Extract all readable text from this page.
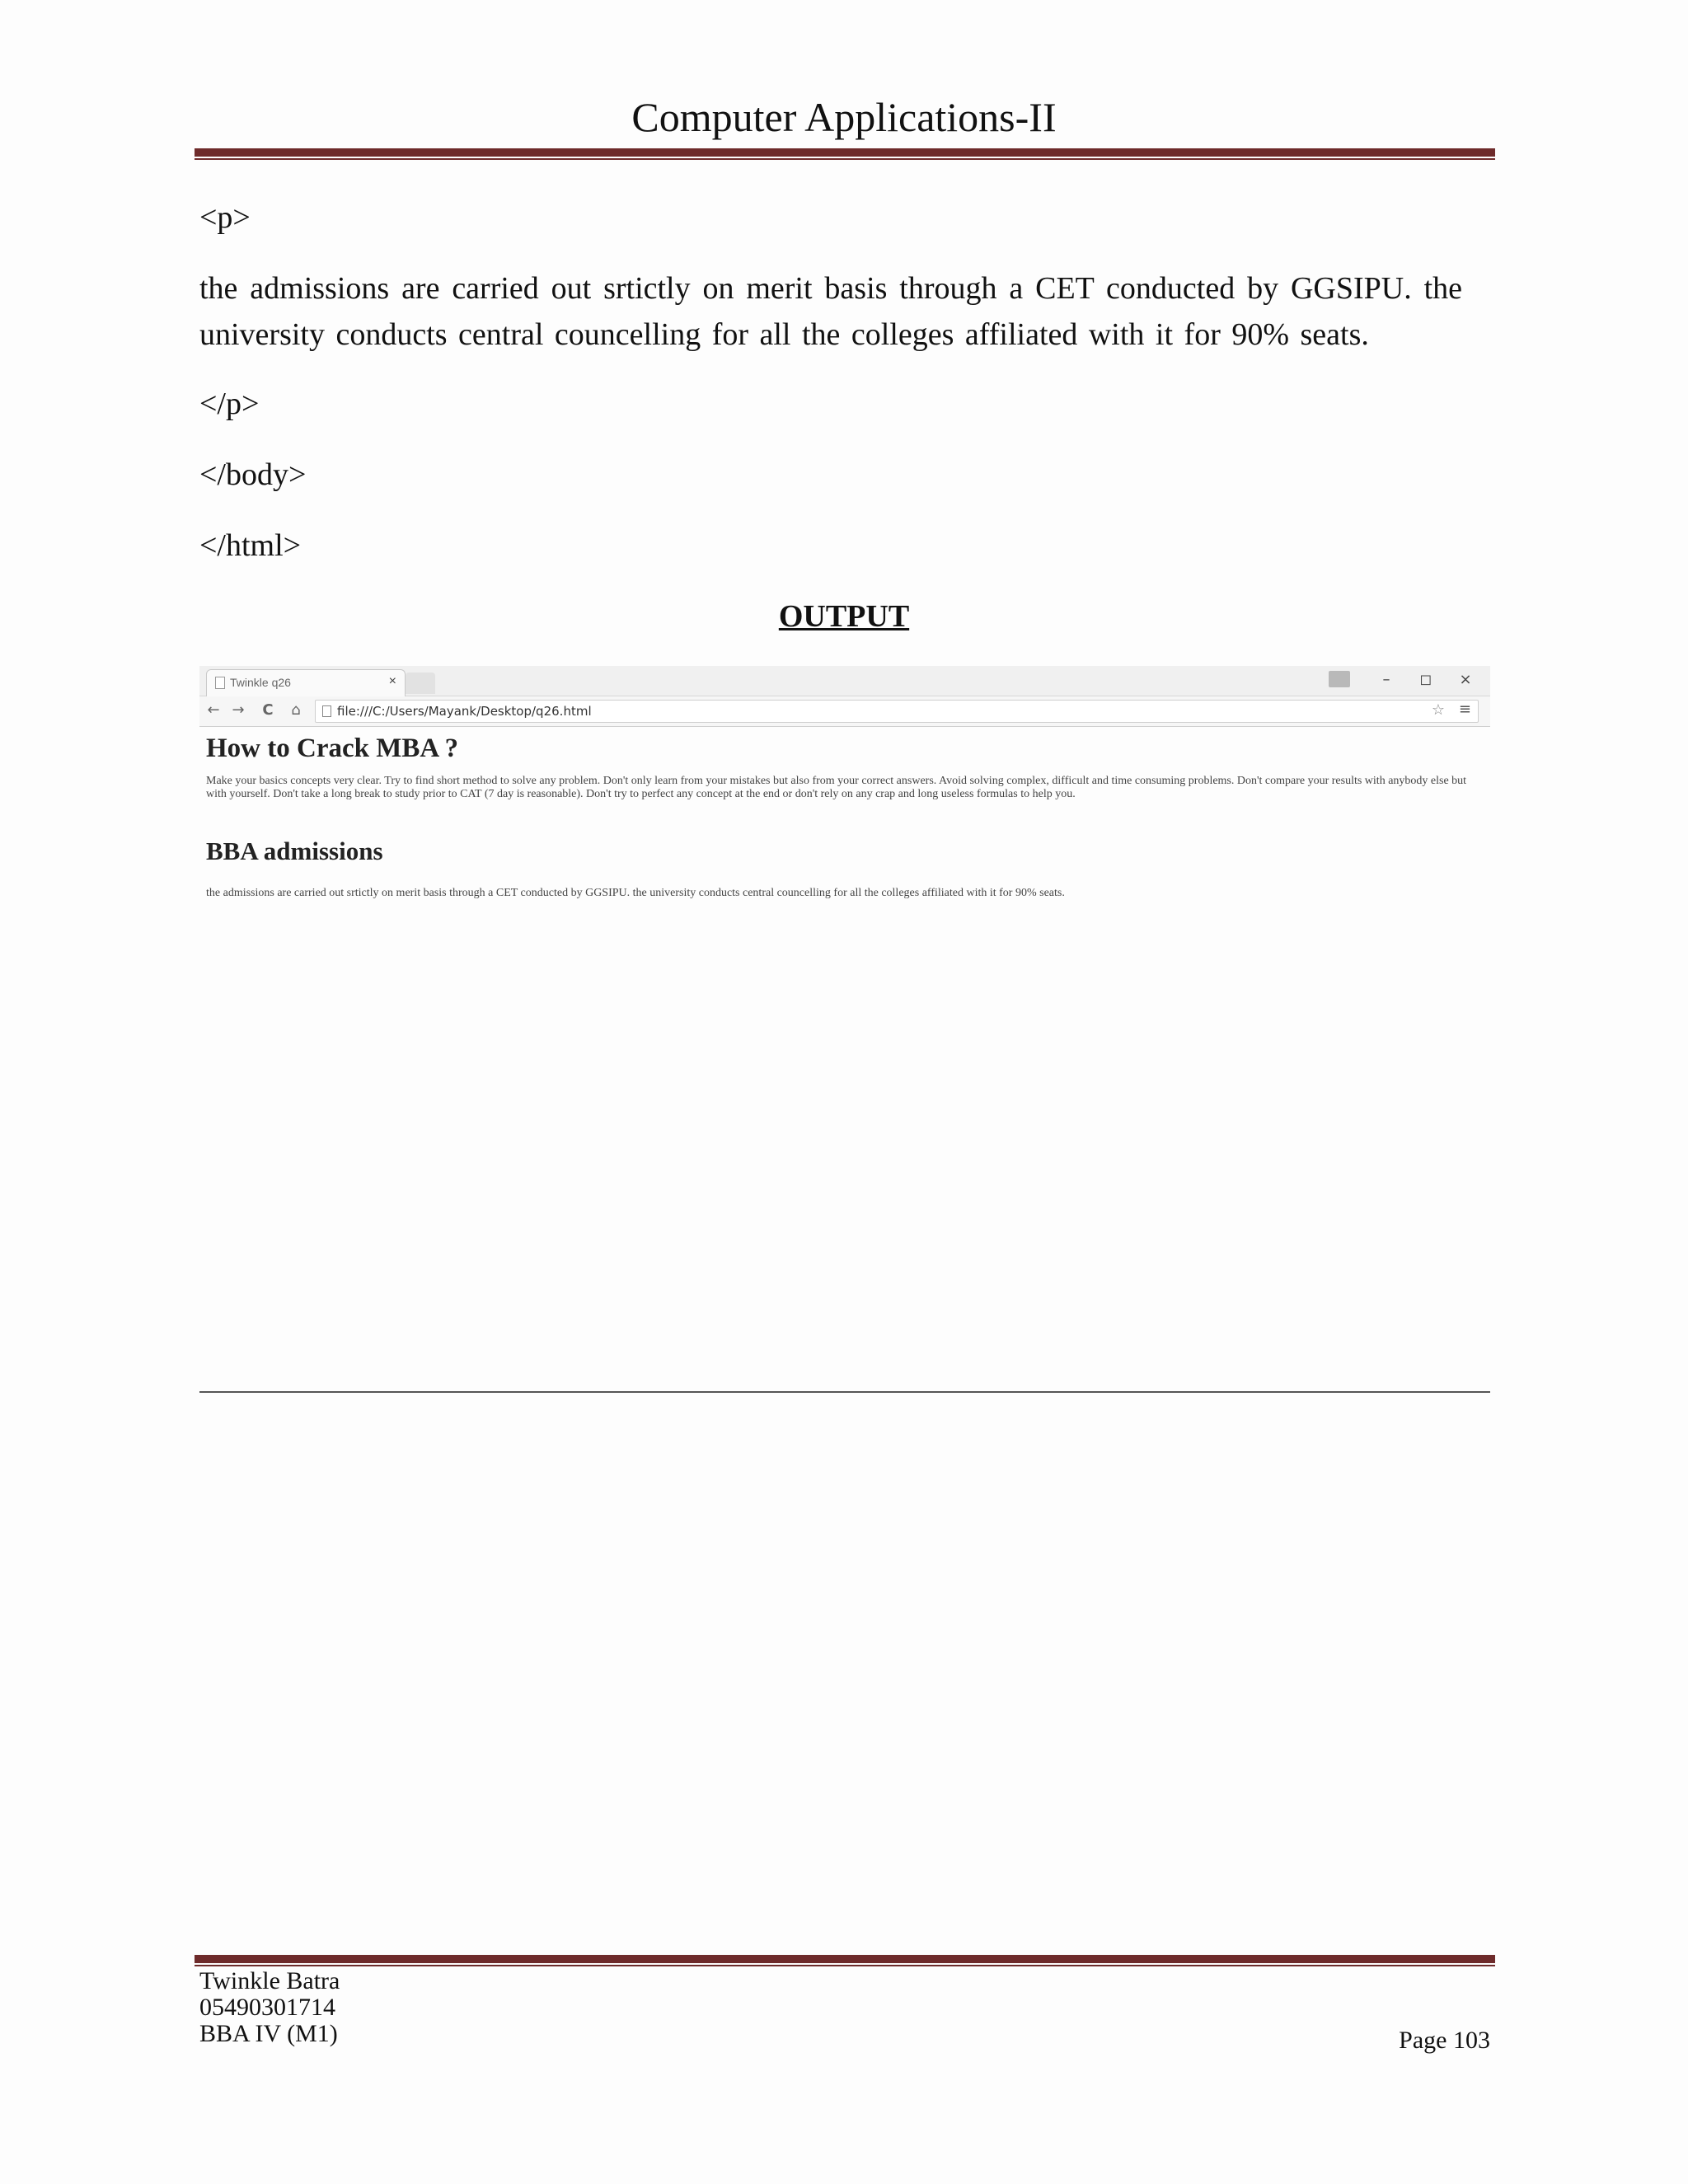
Computer Applications-II
<p>
the admissions are carried out srtictly on merit basis through a CET conducted by GGSIPU. the university conducts central councelling for all the colleges affiliated with it for 90% seats.
</p>
</body>
</html>
OUTPUT
Twinkle q26	×	–	◻	×
← →	C	⌂	file:///C:/Users/Mayank/Desktop/q26.html	☆ ≡
How to Crack MBA ?

Make your basics concepts very clear. Try to find short method to solve any problem. Don't only learn from your mistakes but also from your correct answers. Avoid solving complex, difficult and time consuming problems. Don't compare your results with anybody else but with yourself. Don't take a long break to study prior to CAT (7 day is reasonable). Don't try to perfect any concept at the end or don't rely on any crap and long useless formulas to help you.

BBA admissions

the admissions are carried out srtictly on merit basis through a CET conducted by GGSIPU. the university conducts central councelling for all the colleges affiliated with it for 90% seats.

Twinkle Batra
05490301714
BBA IV (M1)	Page 103
